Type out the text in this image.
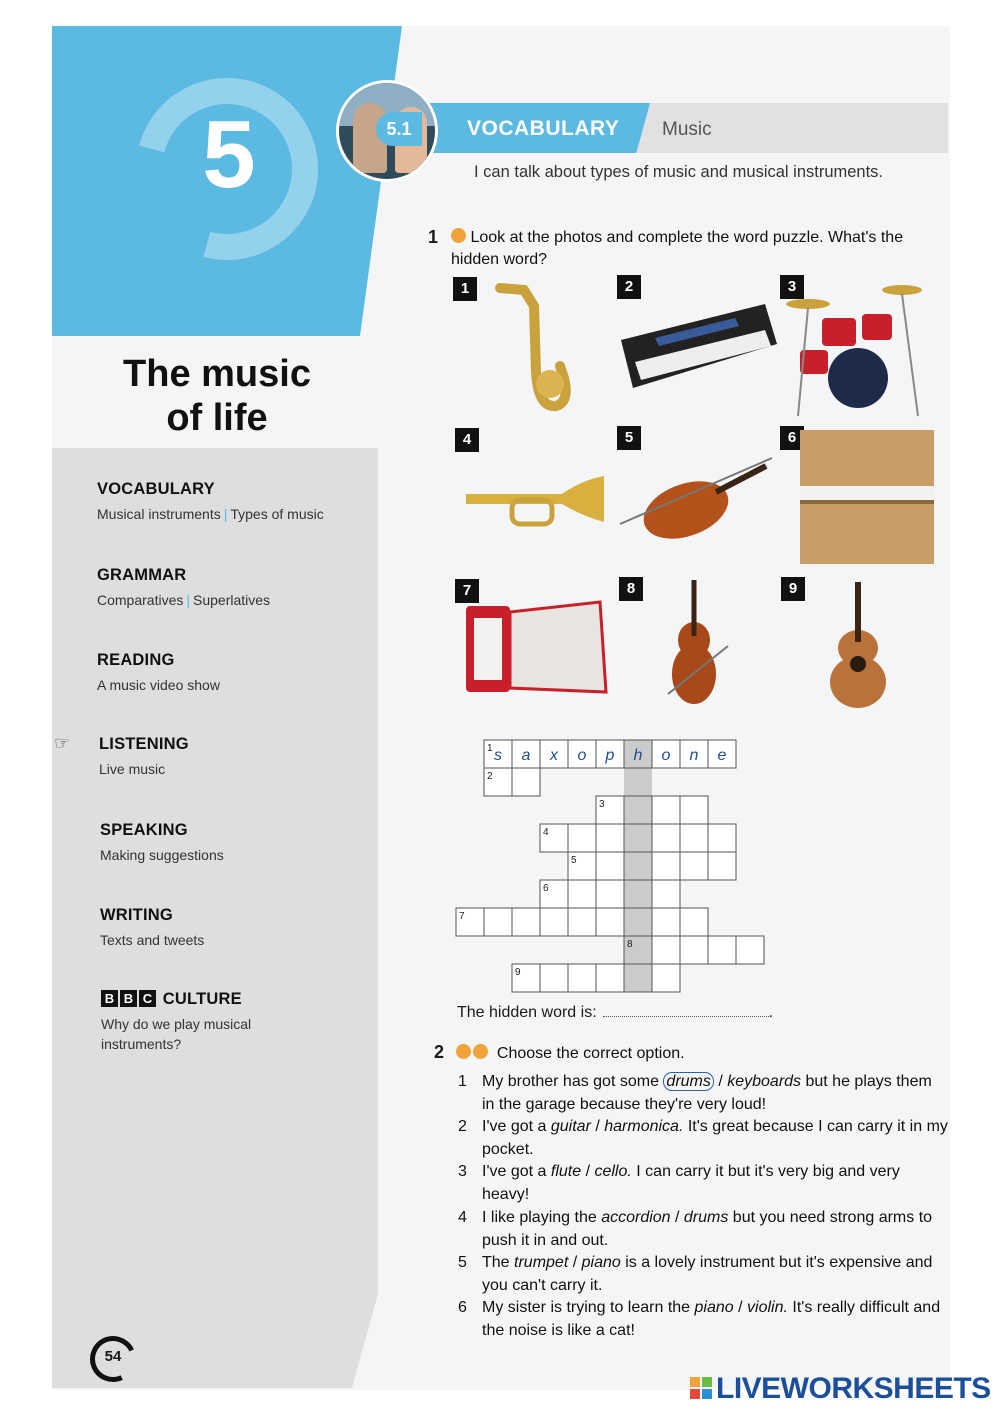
5	5.1	VOCABULARY Music
I can talk about types of music and musical instruments.
The music
of life
VOCABULARY
Musical instruments | Types of music
GRAMMAR
Comparatives | Superlatives
READING
A music video show
☞ LISTENING
Live music
SPEAKING
Making suggestions
WRITING
Texts and tweets
B B C CULTURE
Why do we play musical instruments?
1	Look at the photos and complete the word puzzle. What's the hidden word?
1	2	3
4	5	6
7	8	9
s a x o p h o n e
1
2
3
4
5
6
7
8
9
The hidden word is:	.
2	Choose the correct option.
1 My brother has got some drums / keyboards but he plays them in the garage because they're very loud!
2 I've got a guitar / harmonica. It's great because I can carry it in my pocket.
3 I've got a flute / cello. I can carry it but it's very big and very heavy!
4 I like playing the accordion / drums but you need strong arms to push it in and out.
5 The trumpet / piano is a lovely instrument but it's expensive and you can't carry it.
6 My sister is trying to learn the piano / violin. It's really difficult and the noise is like a cat!
54
LIVEWORKSHEETS
